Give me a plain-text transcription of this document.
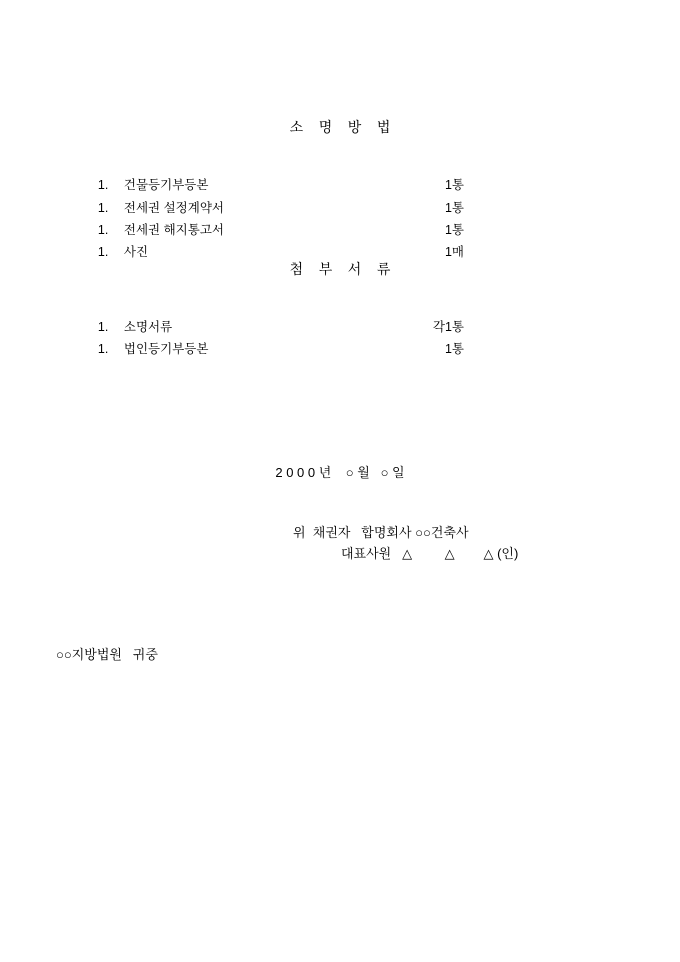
소    명    방    법

1. 건물등기부등본	1통

1. 전세권 설정계약서	1통

1. 전세권 해지통고서	1통

1. 사진	1매

첨    부    서    류

1. 소명서류	각1통

1. 법인등기부등본	1통

2 0 0 0 년    ○ 월   ○ 일
위  채권자   합명회사 ○○건축사
대표사원   △         △        △ (인)
○○지방법원   귀중
